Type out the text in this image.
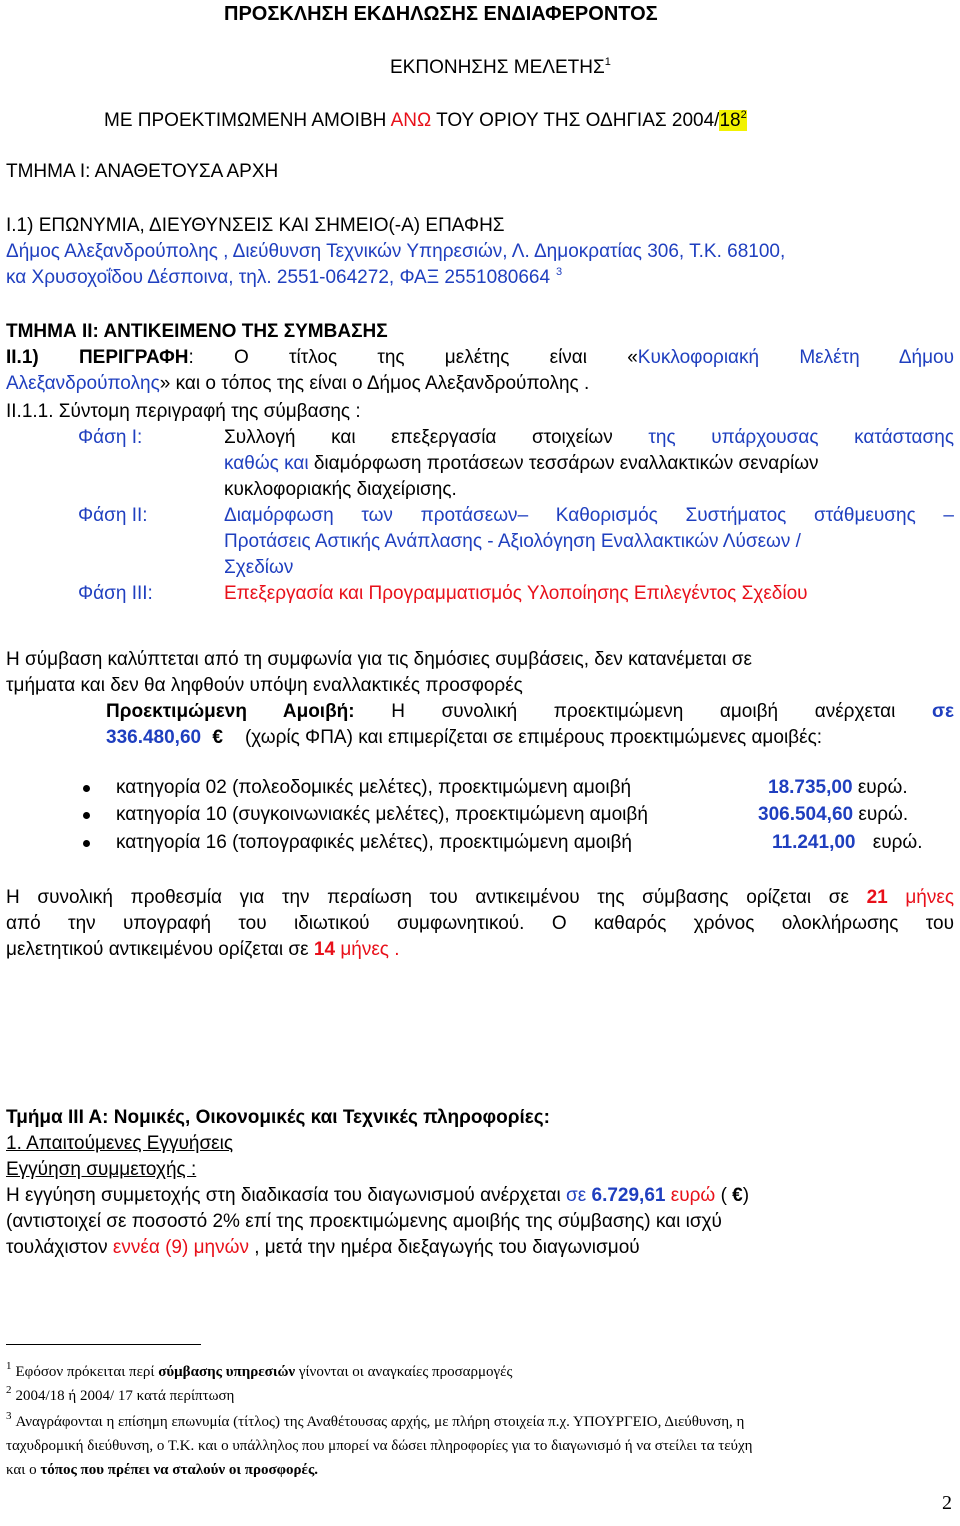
ΠΡΟΣΚΛΗΣΗ ΕΚΔΗΛΩΣΗΣ ΕΝΔΙΑΦΕΡΟΝΤΟΣ
ΕΚΠΟΝΗΣΗΣ ΜΕΛΕΤΗΣ$^1$
ΜΕ ΠΡΟΕΚΤΙΜΩΜΕΝΗ ΑΜΟΙΒΗ ΑΝΩ ΤΟΥ ΟΡΙΟΥ ΤΗΣ ΟΔΗΓΙΑΣ $2004/18^2$
ΤΜΗΜΑ Ι: ΑΝΑΘΕΤΟΥΣΑ ΑΡΧΗ
Ι.1) ΕΠΩΝΥΜΙΑ, ΔΙΕΥΘΥΝΣΕΙΣ ΚΑΙ ΣΗΜΕΙΟ(-Α) ΕΠΑΦΗΣ
Δήμος Αλεξανδρούπολης , Διεύθυνση Τεχνικών Υπηρεσιών, Λ. Δημοκρατίας 306, Τ.Κ. 68100,
κα Χρυσοχοΐδου Δέσποινα, τηλ. 2551-064272, ΦΑΞ 2551080664 $^3$
ΤΜΗΜΑ ΙΙ: ΑΝΤΙΚΕΙΜΕΝΟ ΤΗΣ ΣΥΜΒΑΣΗΣ
ΙΙ.1) ΠΕΡΙΓΡΑΦΗ: Ο τίτλος της μελέτης είναι «Κυκλοφοριακή Μελέτη Δήμου
Αλεξανδρούπολης» και ο τόπος της είναι ο Δήμος Αλεξανδρούπολης .
ΙΙ.1.1. Σύντομη περιγραφή της σύμβασης :
Φάση Ι:	Συλλογή και επεξεργασία στοιχείων της υπάρχουσας κατάστασης
καθώς και διαμόρφωση προτάσεων τεσσάρων εναλλακτικών σεναρίων
κυκλοφοριακής διαχείρισης.
Φάση ΙΙ:	Διαμόρφωση των προτάσεων– Καθορισμός Συστήματος στάθμευσης –
Προτάσεις Αστικής Ανάπλασης - Αξιολόγηση Εναλλακτικών Λύσεων /
Σχεδίων
Φάση ΙΙΙ:	Επεξεργασία και Προγραμματισμός Υλοποίησης Επιλεγέντος Σχεδίου
Η σύμβαση καλύπτεται από τη συμφωνία για τις δημόσιες συμβάσεις, δεν κατανέμεται σε
τμήματα και δεν θα ληφθούν υπόψη εναλλακτικές προσφορές
Προεκτιμώμενη Αμοιβή: Η συνολική προεκτιμώμενη αμοιβή ανέρχεται σε
336.480,60 € (χωρίς ΦΠΑ) και επιμερίζεται σε επιμέρους προεκτιμώμενες αμοιβές:
κατηγορία 02 (πολεοδομικές μελέτες), προεκτιμώμενη αμοιβή	18.735,00 ευρώ.
κατηγορία 10 (συγκοινωνιακές μελέτες), προεκτιμώμενη αμοιβή	306.504,60 ευρώ.
κατηγορία 16 (τοπογραφικές μελέτες), προεκτιμώμενη αμοιβή	11.241,00 ευρώ.
Η συνολική προθεσμία για την περαίωση του αντικειμένου της σύμβασης ορίζεται σε 21 μήνες
από την υπογραφή του ιδιωτικού συμφωνητικού. Ο καθαρός χρόνος ολοκλήρωσης του
μελετητικού αντικειμένου ορίζεται σε 14 μήνες .
Τμήμα ΙΙΙ Α: Νομικές, Οικονομικές και Τεχνικές πληροφορίες:
1. Απαιτούμενες Εγγυήσεις
Εγγύηση συμμετοχής :
Η εγγύηση συμμετοχής στη διαδικασία του διαγωνισμού ανέρχεται σε 6.729,61 ευρώ ( €)
(αντιστοιχεί σε ποσοστό 2% επί της προεκτιμώμενης αμοιβής της σύμβασης) και ισχύ
τουλάχιστον εννέα (9) μηνών , μετά την ημέρα διεξαγωγής του διαγωνισμού
$^1$ Εφόσον πρόκειται περί σύμβασης υπηρεσιών γίνονται οι αναγκαίες προσαρμογές
$^2$ 2004/18 ή 2004/ 17 κατά περίπτωση
$^3$ Αναγράφονται η επίσημη επωνυμία (τίτλος) της Αναθέτουσας αρχής, με πλήρη στοιχεία π.χ. ΥΠΟΥΡΓΕΙΟ, Διεύθυνση, η
ταχυδρομική διεύθυνση, ο Τ.Κ. και ο υπάλληλος που μπορεί να δώσει πληροφορίες για το διαγωνισμό ή να στείλει τα τεύχη
και ο τόπος που πρέπει να σταλούν οι προσφορές.
2
